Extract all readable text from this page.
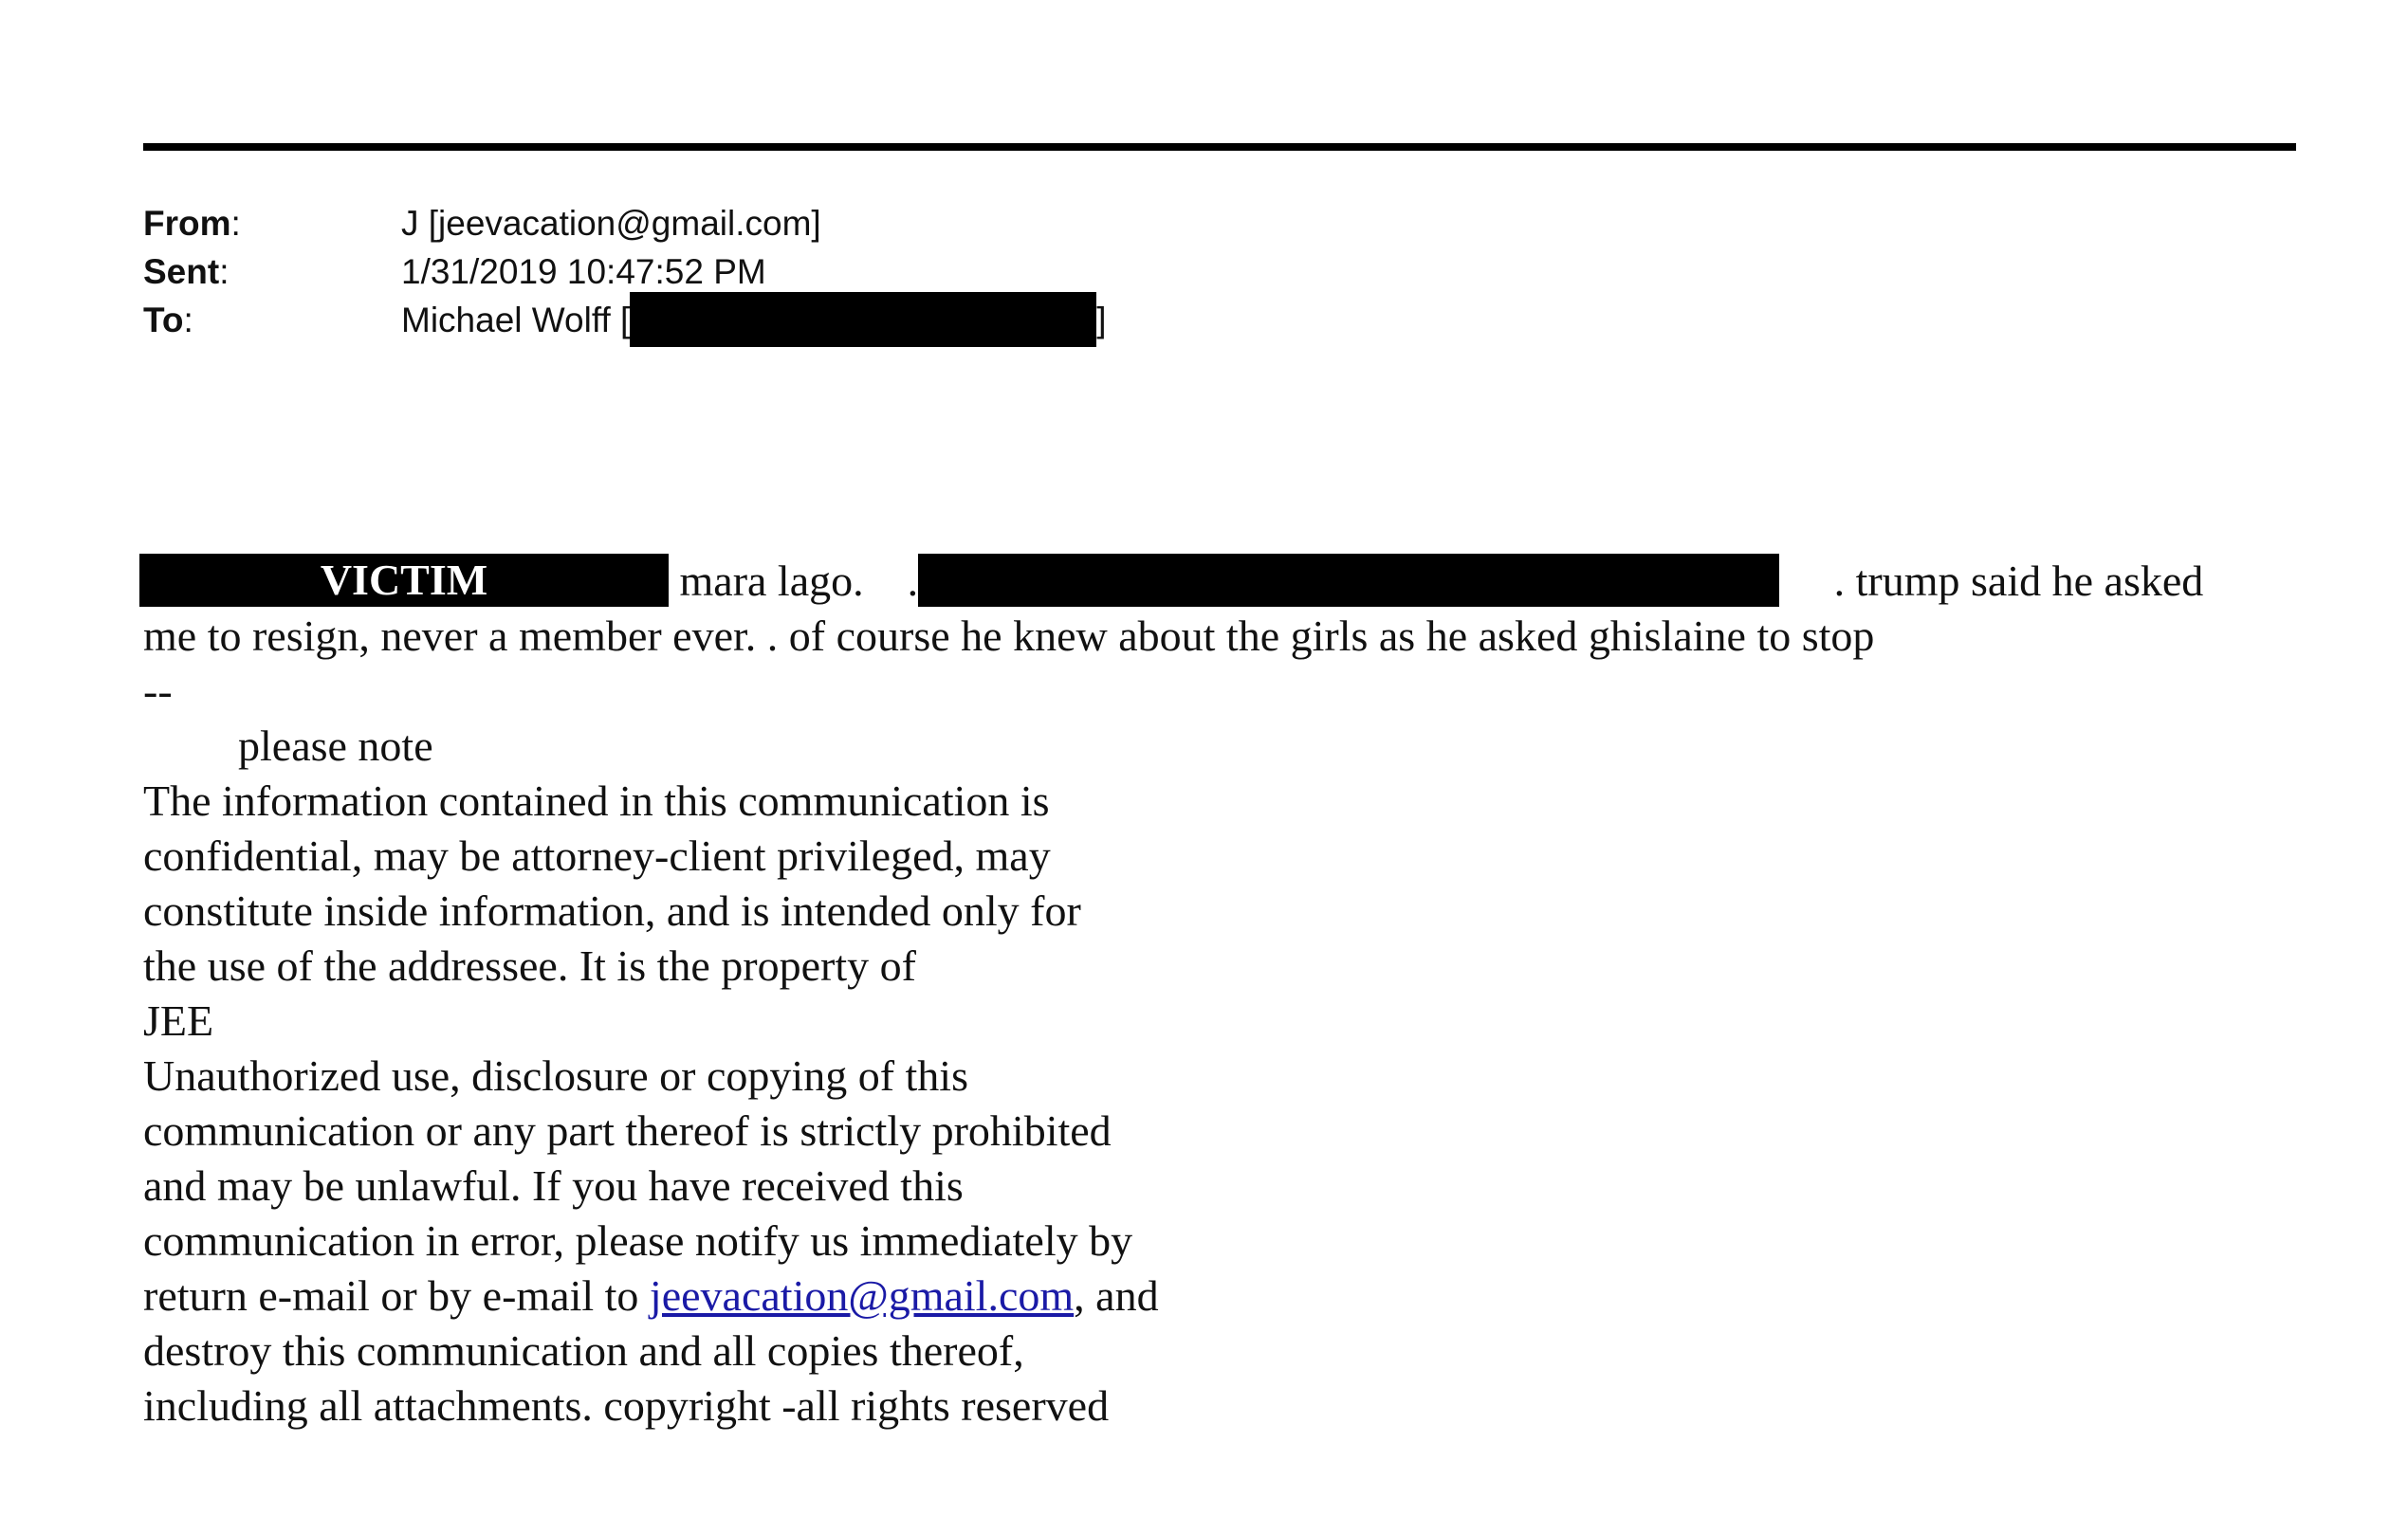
From:	J [jeevacation@gmail.com]
Sent:	1/31/2019 10:47:52 PM
To:	Michael Wolff [	]
VICTIM	mara lago. .	. trump said he asked
me to resign, never a member ever. . of course he knew about the girls as he asked ghislaine to stop
--
please note
The information contained in this communication is
confidential, may be attorney-client privileged, may
constitute inside information, and is intended only for
the use of the addressee. It is the property of
JEE
Unauthorized use, disclosure or copying of this
communication or any part thereof is strictly prohibited
and may be unlawful. If you have received this
communication in error, please notify us immediately by
return e-mail or by e-mail to jeevacation@gmail.com, and
destroy this communication and all copies thereof,
including all attachments. copyright -all rights reserved
